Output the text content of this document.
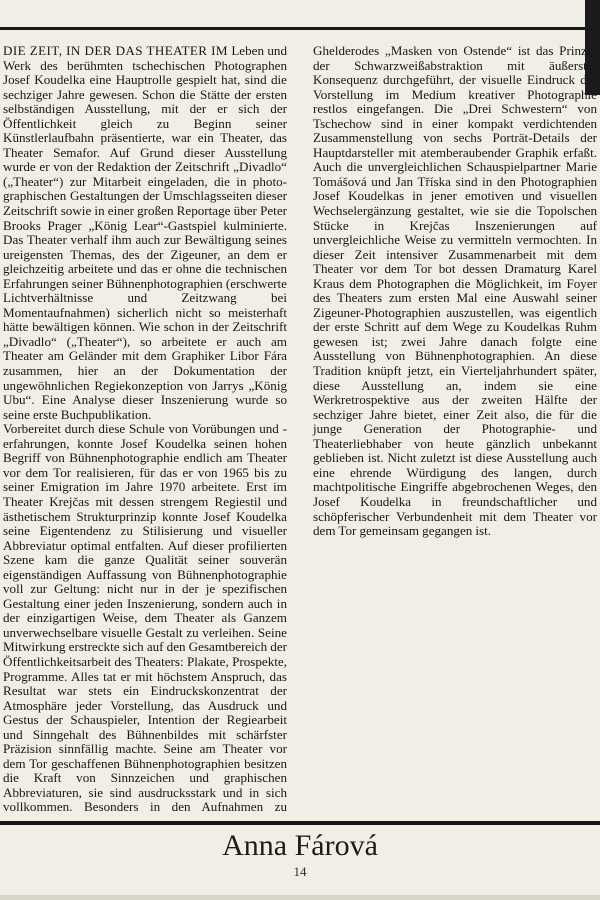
DIE ZEIT, IN DER DAS THEATER IM Leben und Werk des berühmten tschechischen Photographen Josef Koudelka eine Hauptrolle gespielt hat, sind die sechziger Jahre gewesen. Schon die Stätte der ersten selbständigen Ausstellung, mit der er sich der Öffentlichkeit gleich zu Beginn seiner Künstlerlaufbahn präsentierte, war ein Theater, das Theater Semafor. Auf Grund dieser Ausstellung wurde er von der Redaktion der Zeitschrift „Divadlo“ („Theater“) zur Mitarbeit eingeladen, die in photo-graphischen Gestaltungen der Umschlagsseiten dieser Zeitschrift sowie in einer großen Reportage über Peter Brooks Prager „König Lear“-Gastspiel kulminierte. Das Theater verhalf ihm auch zur Bewältigung seines ureigensten Themas, des der Zigeuner, an dem er gleichzeitig arbeitete und das er ohne die technischen Erfahrungen seiner Bühnenphotographien (erschwerte Lichtverhältnisse und Zeitzwang bei Momentaufnahmen) sicherlich nicht so meisterhaft hätte bewältigen können. Wie schon in der Zeitschrift „Divadlo“ („Theater“), so arbeitete er auch am Theater am Geländer mit dem Graphiker Libor Fára zusammen, hier an der Dokumentation der ungewöhnlichen Regiekonzeption von Jarrys „König Ubu“. Eine Analyse dieser Inszenierung wurde so seine erste Buchpublikation.

Vorbereitet durch diese Schule von Vorübungen und -erfahrungen, konnte Josef Koudelka seinen hohen Begriff von Bühnenphotographie endlich am Theater vor dem Tor realisieren, für das er von 1965 bis zu seiner Emigration im Jahre 1970 arbeitete. Erst im Theater Krejčas mit dessen strengem Regiestil und ästhetischem Strukturprinzip konnte Josef Koudelka seine Eigentendenz zu Stilisierung und visueller Abbreviatur optimal entfalten. Auf dieser profilierten Szene kam die ganze Qualität seiner souverän eigenständigen Auffassung von Bühnenphotographie voll zur Geltung: nicht nur in der je spezifischen Gestaltung einer jeden Inszenierung, sondern auch in der einzigartigen Weise, dem Theater als Ganzem unverwechselbare visuelle Gestalt zu verleihen. Seine Mitwirkung erstreckte sich auf den Gesamtbereich der Öffentlichkeitsarbeit des Theaters: Plakate, Prospekte, Programme. Alles tat er mit höchstem Anspruch, das Resultat war stets ein Eindruckskonzentrat der Atmosphäre jeder Vorstellung, das Ausdruck und Gestus der Schauspieler, Intention der Regiearbeit und Sinngehalt des Bühnenbildes mit schärfster Präzision sinnfällig machte. Seine am Theater vor dem Tor geschaffenen Bühnenphotographien besitzen die Kraft von Sinnzeichen und graphischen Abbreviaturen, sie sind ausdrucksstark und in sich vollkommen. Besonders in den Aufnahmen zu Ghelderodes „Masken von Ostende“ ist das Prinzip der Schwarzweißabstraktion mit äußerster Konsequenz durchgeführt, der visuelle Eindruck der Vorstellung im Medium kreativer Photographie restlos eingefangen. Die „Drei Schwestern“ von Tschechow sind in einer kompakt verdichtenden Zusammenstellung von sechs Porträt-Details der Hauptdarsteller mit atemberaubender Graphik erfaßt. Auch die unvergleichlichen Schauspielpartner Marie Tomášová und Jan Tříska sind in den Photographien Josef Koudelkas in jener emotiven und visuellen Wechselergänzung gestaltet, wie sie die Topolschen Stücke in Krejčas Inszenierungen auf unvergleichliche Weise zu vermitteln vermochten. In dieser Zeit intensiver Zusammenarbeit mit dem Theater vor dem Tor bot dessen Dramaturg Karel Kraus dem Photographen die Möglichkeit, im Foyer des Theaters zum ersten Mal eine Auswahl seiner Zigeuner-Photographien auszustellen, was eigentlich der erste Schritt auf dem Wege zu Koudelkas Ruhm gewesen ist; zwei Jahre danach folgte eine Ausstellung von Bühnenphotographien. An diese Tradition knüpft jetzt, ein Vierteljahrhundert später, diese Ausstellung an, indem sie eine Werkretrospektive aus der zweiten Hälfte der sechziger Jahre bietet, einer Zeit also, die für die junge Generation der Photographie- und Theaterliebhaber von heute gänzlich unbekannt geblieben ist. Nicht zuletzt ist diese Ausstellung auch eine ehrende Würdigung des langen, durch machtpolitische Eingriffe abgebrochenen Weges, den Josef Koudelka in freundschaftlicher und schöpferischer Verbundenheit mit dem Theater vor dem Tor gemeinsam gegangen ist.

Anna Fárová
14
